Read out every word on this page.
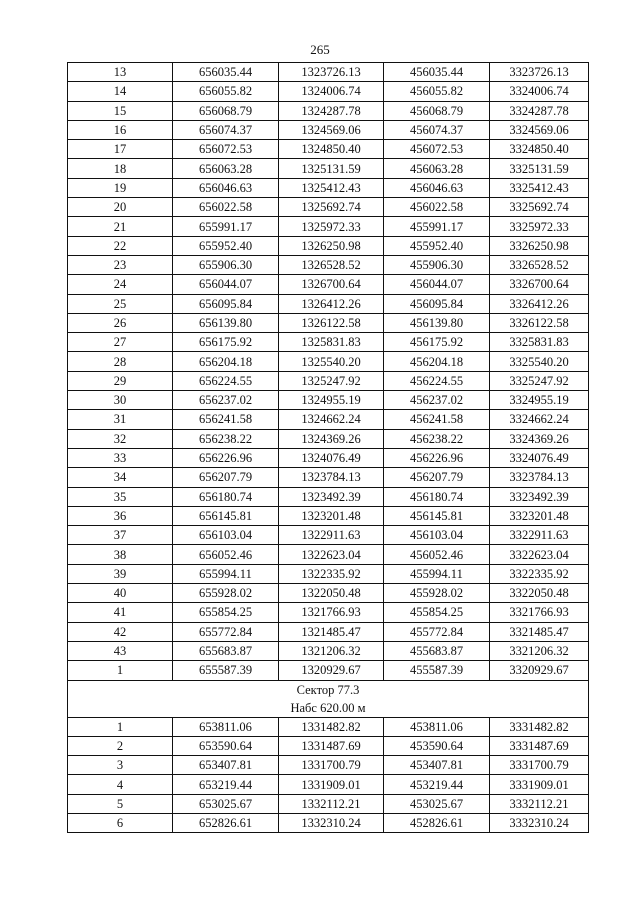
265
13	656035.44	1323726.13	456035.44	3323726.13
14	656055.82	1324006.74	456055.82	3324006.74
15	656068.79	1324287.78	456068.79	3324287.78
16	656074.37	1324569.06	456074.37	3324569.06
17	656072.53	1324850.40	456072.53	3324850.40
18	656063.28	1325131.59	456063.28	3325131.59
19	656046.63	1325412.43	456046.63	3325412.43
20	656022.58	1325692.74	456022.58	3325692.74
21	655991.17	1325972.33	455991.17	3325972.33
22	655952.40	1326250.98	455952.40	3326250.98
23	655906.30	1326528.52	455906.30	3326528.52
24	656044.07	1326700.64	456044.07	3326700.64
25	656095.84	1326412.26	456095.84	3326412.26
26	656139.80	1326122.58	456139.80	3326122.58
27	656175.92	1325831.83	456175.92	3325831.83
28	656204.18	1325540.20	456204.18	3325540.20
29	656224.55	1325247.92	456224.55	3325247.92
30	656237.02	1324955.19	456237.02	3324955.19
31	656241.58	1324662.24	456241.58	3324662.24
32	656238.22	1324369.26	456238.22	3324369.26
33	656226.96	1324076.49	456226.96	3324076.49
34	656207.79	1323784.13	456207.79	3323784.13
35	656180.74	1323492.39	456180.74	3323492.39
36	656145.81	1323201.48	456145.81	3323201.48
37	656103.04	1322911.63	456103.04	3322911.63
38	656052.46	1322623.04	456052.46	3322623.04
39	655994.11	1322335.92	455994.11	3322335.92
40	655928.02	1322050.48	455928.02	3322050.48
41	655854.25	1321766.93	455854.25	3321766.93
42	655772.84	1321485.47	455772.84	3321485.47
43	655683.87	1321206.32	455683.87	3321206.32
1	655587.39	1320929.67	455587.39	3320929.67

Сектор 77.3
Набс 620.00 м				

1	653811.06	1331482.82	453811.06	3331482.82
2	653590.64	1331487.69	453590.64	3331487.69
3	653407.81	1331700.79	453407.81	3331700.79
4	653219.44	1331909.01	453219.44	3331909.01
5	653025.67	1332112.21	453025.67	3332112.21
6	652826.61	1332310.24	452826.61	3332310.24
